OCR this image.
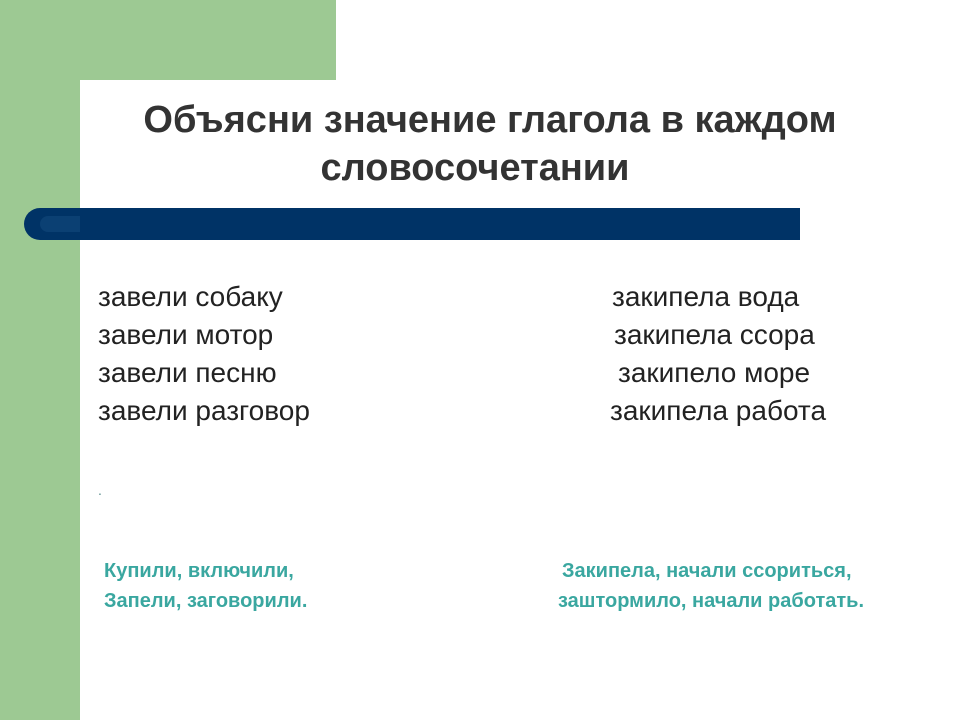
Объясни значение глагола в каждом
словосочетании
завели собаку
завели мотор
завели песню
завели разговор
закипела вода
закипела ссора
закипело море
закипела работа
.
Купили, включили,
Запели, заговорили.
Закипела, начали ссориться,
заштормило, начали работать.
